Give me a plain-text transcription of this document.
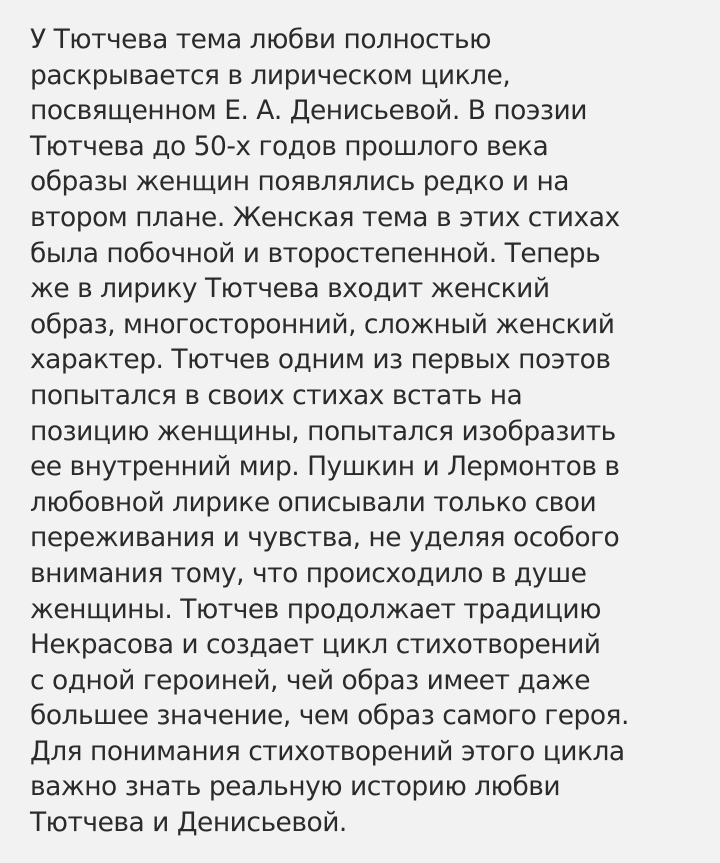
У Тютчева тема любви полностью
раскрывается в лирическом цикле,
посвященном Е. А. Денисьевой. В поэзии
Тютчева до 50-х годов прошлого века
образы женщин появлялись редко и на
втором плане. Женская тема в этих стихах
была побочной и второстепенной. Теперь
же в лирику Тютчева входит женский
образ, многосторонний, сложный женский
характер. Тютчев одним из первых поэтов
попытался в своих стихах встать на
позицию женщины, попытался изобразить
ее внутренний мир. Пушкин и Лермонтов в
любовной лирике описывали только свои
переживания и чувства, не уделяя особого
внимания тому, что происходило в душе
женщины. Тютчев продолжает традицию
Некрасова и создает цикл стихотворений
с одной героиней, чей образ имеет даже
большее значение, чем образ самого героя.
Для понимания стихотворений этого цикла
важно знать реальную историю любви
Тютчева и Денисьевой.
